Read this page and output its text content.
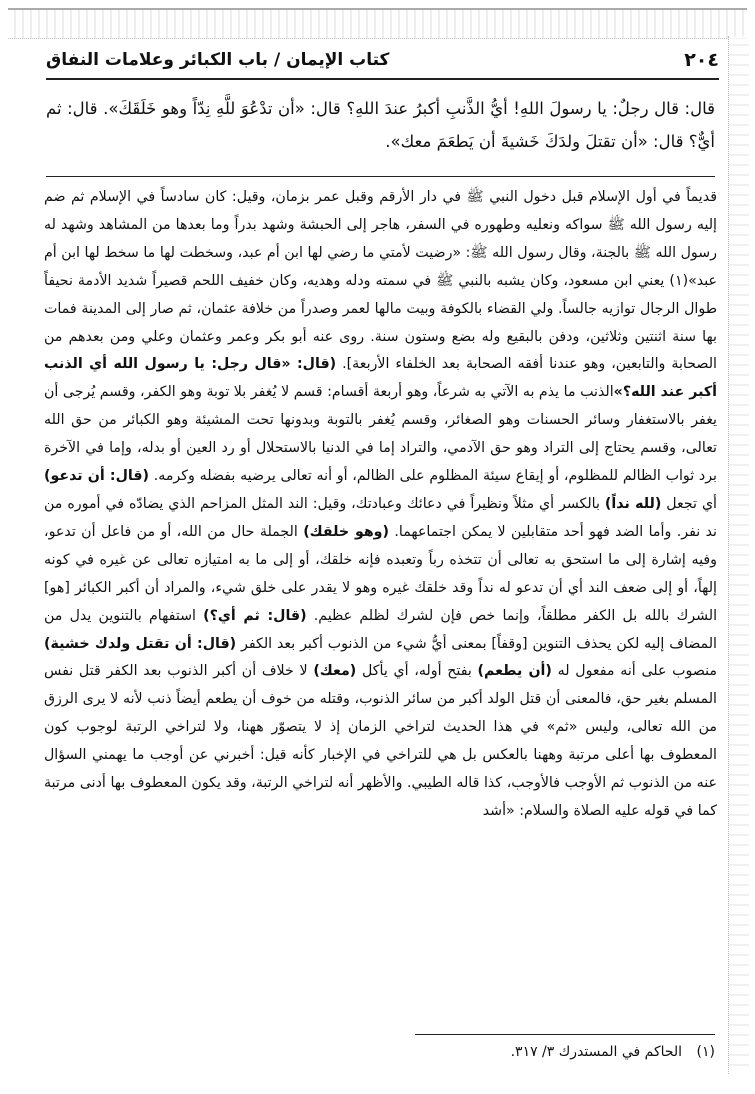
٢٠٤
كتاب الإيمان / باب الكبائر وعلامات النفاق

قال: قال رجلٌ: يا رسولَ اللهِ! أيُّ الذَّنبِ أكبرُ عندَ اللهِ؟ قال: «أن تدْعُوَ للَّهِ نِدّاً وهو خَلَقَكَ». قال: ثم أيٌّ؟ قال: «أن تقتلَ ولدَكَ خَشيةَ أن يَطعَمَ معك».

قديماً في أول الإسلام قبل دخول النبي ﷺ في دار الأرقم وقبل عمر بزمان، وقيل: كان سادساً في الإسلام ثم ضم إليه رسول الله ﷺ سواكه ونعليه وطهوره في السفر، هاجر إلى الحبشة وشهد بدراً وما بعدها من المشاهد وشهد له رسول الله ﷺ بالجنة، وقال رسول الله ﷺ: «رضيت لأمتي ما رضي لها ابن أم عبد، وسخطت لها ما سخط لها ابن أم عبد»(١) يعني ابن مسعود، وكان يشبه بالنبي ﷺ في سمته ودله وهديه، وكان خفيف اللحم قصيراً شديد الأدمة نحيفاً طوال الرجال توازيه جالساً. ولي القضاء بالكوفة وبيت مالها لعمر وصدراً من خلافة عثمان، ثم صار إلى المدينة فمات بها سنة اثنتين وثلاثين، ودفن بالبقيع وله بضع وستون سنة. روى عنه أبو بكر وعمر وعثمان وعلي ومن بعدهم من الصحابة والتابعين، وهو عندنا أفقه الصحابة بعد الخلفاء الأربعة]. (قال: «قال رجل: يا رسول الله أي الذنب أكبر عند الله؟»الذنب ما يذم به الآتي به شرعاً، وهو أربعة أقسام: قسم لا يُغفر بلا توبة وهو الكفر، وقسم يُرجى أن يغفر بالاستغفار وسائر الحسنات وهو الصغائر، وقسم يُغفر بالتوبة وبدونها تحت المشيئة وهو الكبائر من حق الله تعالى، وقسم يحتاج إلى التراد وهو حق الآدمي، والتراد إما في الدنيا بالاستحلال أو رد العين أو بدله، وإما في الآخرة برد ثواب الظالم للمظلوم، أو إيقاع سيئة المظلوم على الظالم، أو أنه تعالى يرضيه بفضله وكرمه. (قال: أن تدعو) أي تجعل (لله نداً) بالكسر أي مثلاً ونظيراً في دعائك وعبادتك، وقيل: الند المثل المزاحم الذي يضادّه في أموره من ند نفر. وأما الضد فهو أحد متقابلين لا يمكن اجتماعهما. (وهو خلقك) الجملة حال من الله، أو من فاعل أن تدعو، وفيه إشارة إلى ما استحق به تعالى أن تتخذه رباً وتعبده فإنه خلقك، أو إلى ما به امتيازه تعالى عن غيره في كونه إلهاً، أو إلى ضعف الند أي أن تدعو له نداً وقد خلقك غيره وهو لا يقدر على خلق شيء، والمراد أن أكبر الكبائر [هو] الشرك بالله بل الكفر مطلقاً، وإنما خص فإن لشرك لظلم عظيم. (قال: ثم أي؟) استفهام بالتنوين يدل من المضاف إليه لكن يحذف التنوين [وقفاً] بمعنى أيُّ شيء من الذنوب أكبر بعد الكفر (قال: أن تقتل ولدك خشية) منصوب على أنه مفعول له (أن يطعم) بفتح أوله، أي يأكل (معك) لا خلاف أن أكبر الذنوب بعد الكفر قتل نفس المسلم بغير حق، فالمعنى أن قتل الولد أكبر من سائر الذنوب، وقتله من خوف أن يطعم أيضاً ذنب لأنه لا يرى الرزق من الله تعالى، وليس «ثم» في هذا الحديث لتراخي الزمان إذ لا يتصوّر ههنا، ولا لتراخي الرتبة لوجوب كون المعطوف بها أعلى مرتبة وههنا بالعكس بل هي للتراخي في الإخبار كأنه قيل: أخبرني عن أوجب ما يهمني السؤال عنه من الذنوب ثم الأوجب فالأوجب، كذا قاله الطيبي. والأظهر أنه لتراخي الرتبة، وقد يكون المعطوف بها أدنى مرتبة كما في قوله عليه الصلاة والسلام: «أشد

(١) الحاكم في المستدرك ٣/ ٣١٧.
